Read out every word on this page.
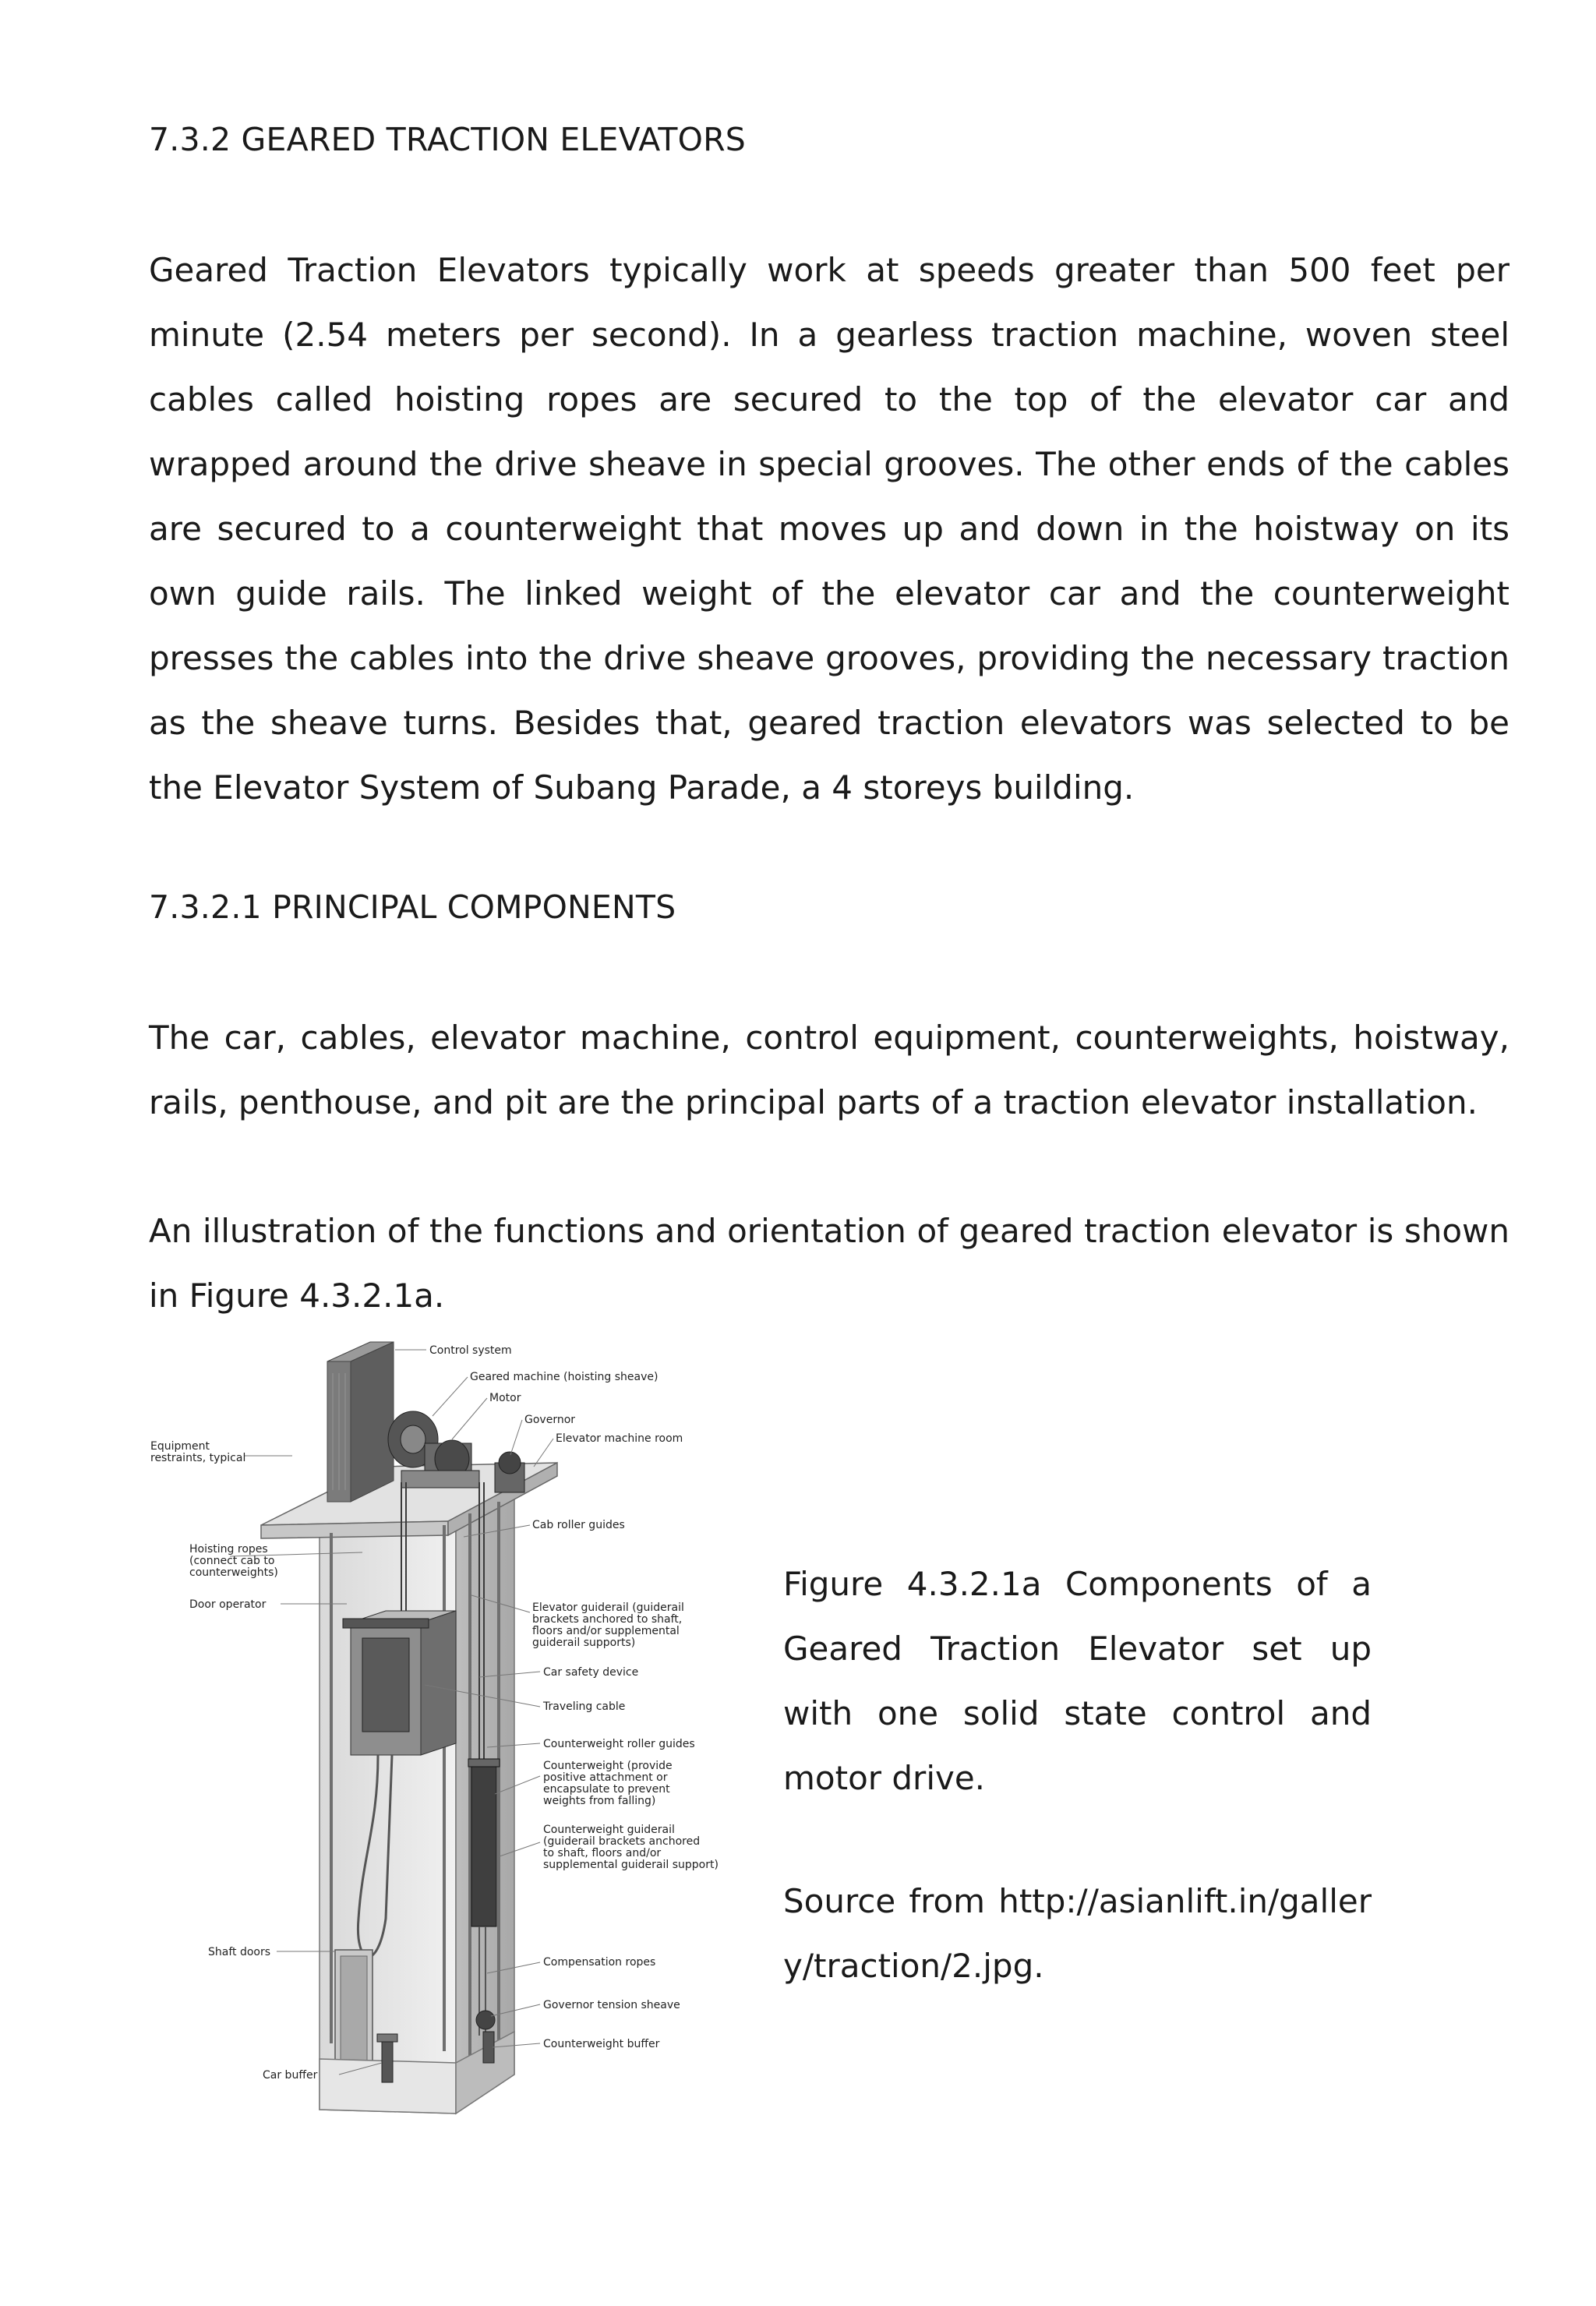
7.3.2 GEARED TRACTION ELEVATORS

Geared Traction Elevators typically work at speeds greater than 500 feet per minute (2.54 meters per second). In a gearless traction machine, woven steel cables called hoisting ropes are secured to the top of the elevator car and wrapped around the drive sheave in special grooves. The other ends of the cables are secured to a counterweight that moves up and down in the hoistway on its own guide rails. The linked weight of the elevator car and the counterweight presses the cables into the drive sheave grooves, providing the necessary traction as the sheave turns. Besides that, geared traction elevators was selected to be the Elevator System of Subang Parade, a 4 storeys building.

7.3.2.1 PRINCIPAL COMPONENTS

The car, cables, elevator machine, control equipment, counterweights, hoistway, rails, penthouse, and pit are the principal parts of a traction elevator installation.

An illustration of the functions and orientation of geared traction elevator is shown in Figure 4.3.2.1a.

Control system
Geared machine (hoisting sheave)
Motor
Governor
Elevator machine room
Equipment
restraints, typical
Cab roller guides
Hoisting ropes
(connect cab to
counterweights)
Door operator	Elevator guiderail (guiderail
brackets anchored to shaft,
floors and/or supplemental
guiderail supports)
Car safety device
Traveling cable
Counterweight roller guides
Counterweight (provide
positive attachment or
encapsulate to prevent
weights from falling)
Counterweight guiderail
(guiderail brackets anchored
to shaft, floors and/or
supplemental guiderail support)
Shaft doors
Compensation ropes
Governor tension sheave
Counterweight buffer
Car buffer

Figure 4.3.2.1a Components of a Geared Traction Elevator set up with one solid state control and motor drive.

Source from http://asianlift.in/gallery/traction/2.jpg.
